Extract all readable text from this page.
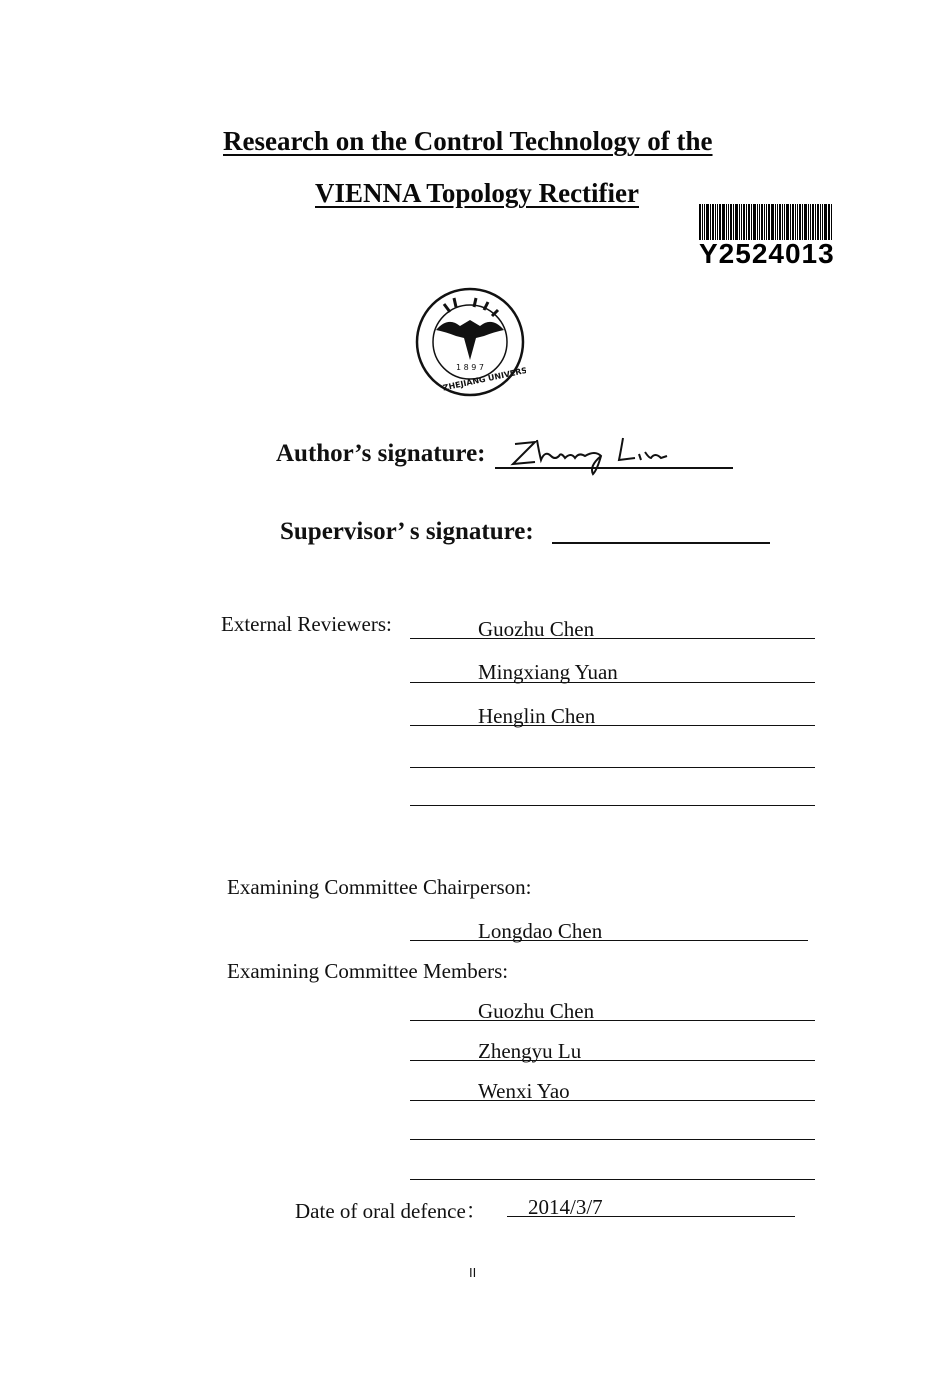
Research on the Control Technology of the
VIENNA Topology Rectifier
Y2524013
1 8 9 7
ZHEJIANG UNIVERSITY
Author’s signature:
Supervisor’ s signature:
External Reviewers:	Guozhu Chen
Mingxiang Yuan
Henglin Chen
Examining Committee Chairperson:
Longdao Chen
Examining Committee Members:
Guozhu Chen
Zhengyu Lu
Wenxi Yao
Date of oral defence： 2014/3/7
II
